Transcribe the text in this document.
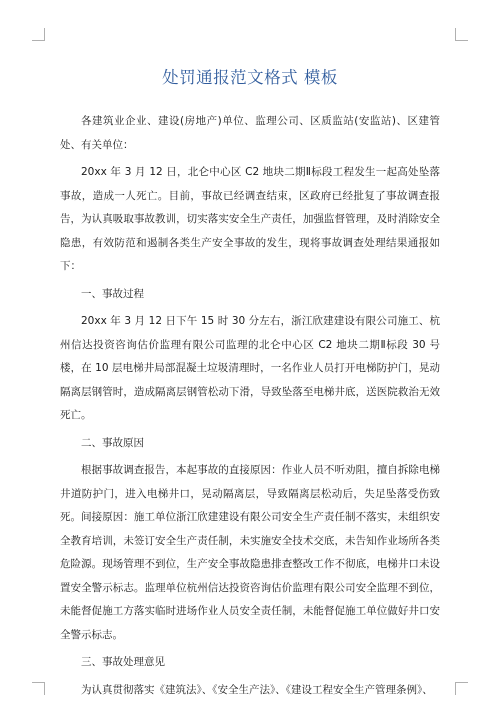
处罚通报范文格式 模板

各建筑业企业、建设(房地产)单位、监理公司、区质监站(安监站)、区建管处、有关单位：

20xx 年 3 月 12 日，北仑中心区 C2 地块二期Ⅱ标段工程发生一起高处坠落事故，造成一人死亡。目前，事故已经调查结束，区政府已经批复了事故调查报告，为认真吸取事故教训，切实落实安全生产责任，加强监督管理，及时消除安全隐患，有效防范和遏制各类生产安全事故的发生，现将事故调查处理结果通报如下：

一、事故过程

20xx 年 3 月 12 日下午 15 时 30 分左右，浙江欣建建设有限公司施工、杭州信达投资咨询估价监理有限公司监理的北仑中心区 C2 地块二期Ⅱ标段 30 号楼，在 10 层电梯井局部混凝土垃圾清理时，一名作业人员打开电梯防护门，晃动隔离层钢管时，造成隔离层钢管松动下滑，导致坠落至电梯井底，送医院救治无效死亡。

二、事故原因

根据事故调查报告，本起事故的直接原因：作业人员不听劝阻，擅自拆除电梯井道防护门，进入电梯井口，晃动隔离层，导致隔离层松动后，失足坠落受伤致死。间接原因：施工单位浙江欣建建设有限公司安全生产责任制不落实，未组织安全教育培训，未签订安全生产责任制，未实施安全技术交底，未告知作业场所各类危险源。现场管理不到位，生产安全事故隐患排查整改工作不彻底，电梯井口未设置安全警示标志。监理单位杭州信达投资咨询估价监理有限公司安全监理不到位，未能督促施工方落实临时进场作业人员安全责任制，未能督促施工单位做好井口安全警示标志。

三、事故处理意见

为认真贯彻落实《建筑法》、《安全生产法》、《建设工程安全生产管理条例》、
